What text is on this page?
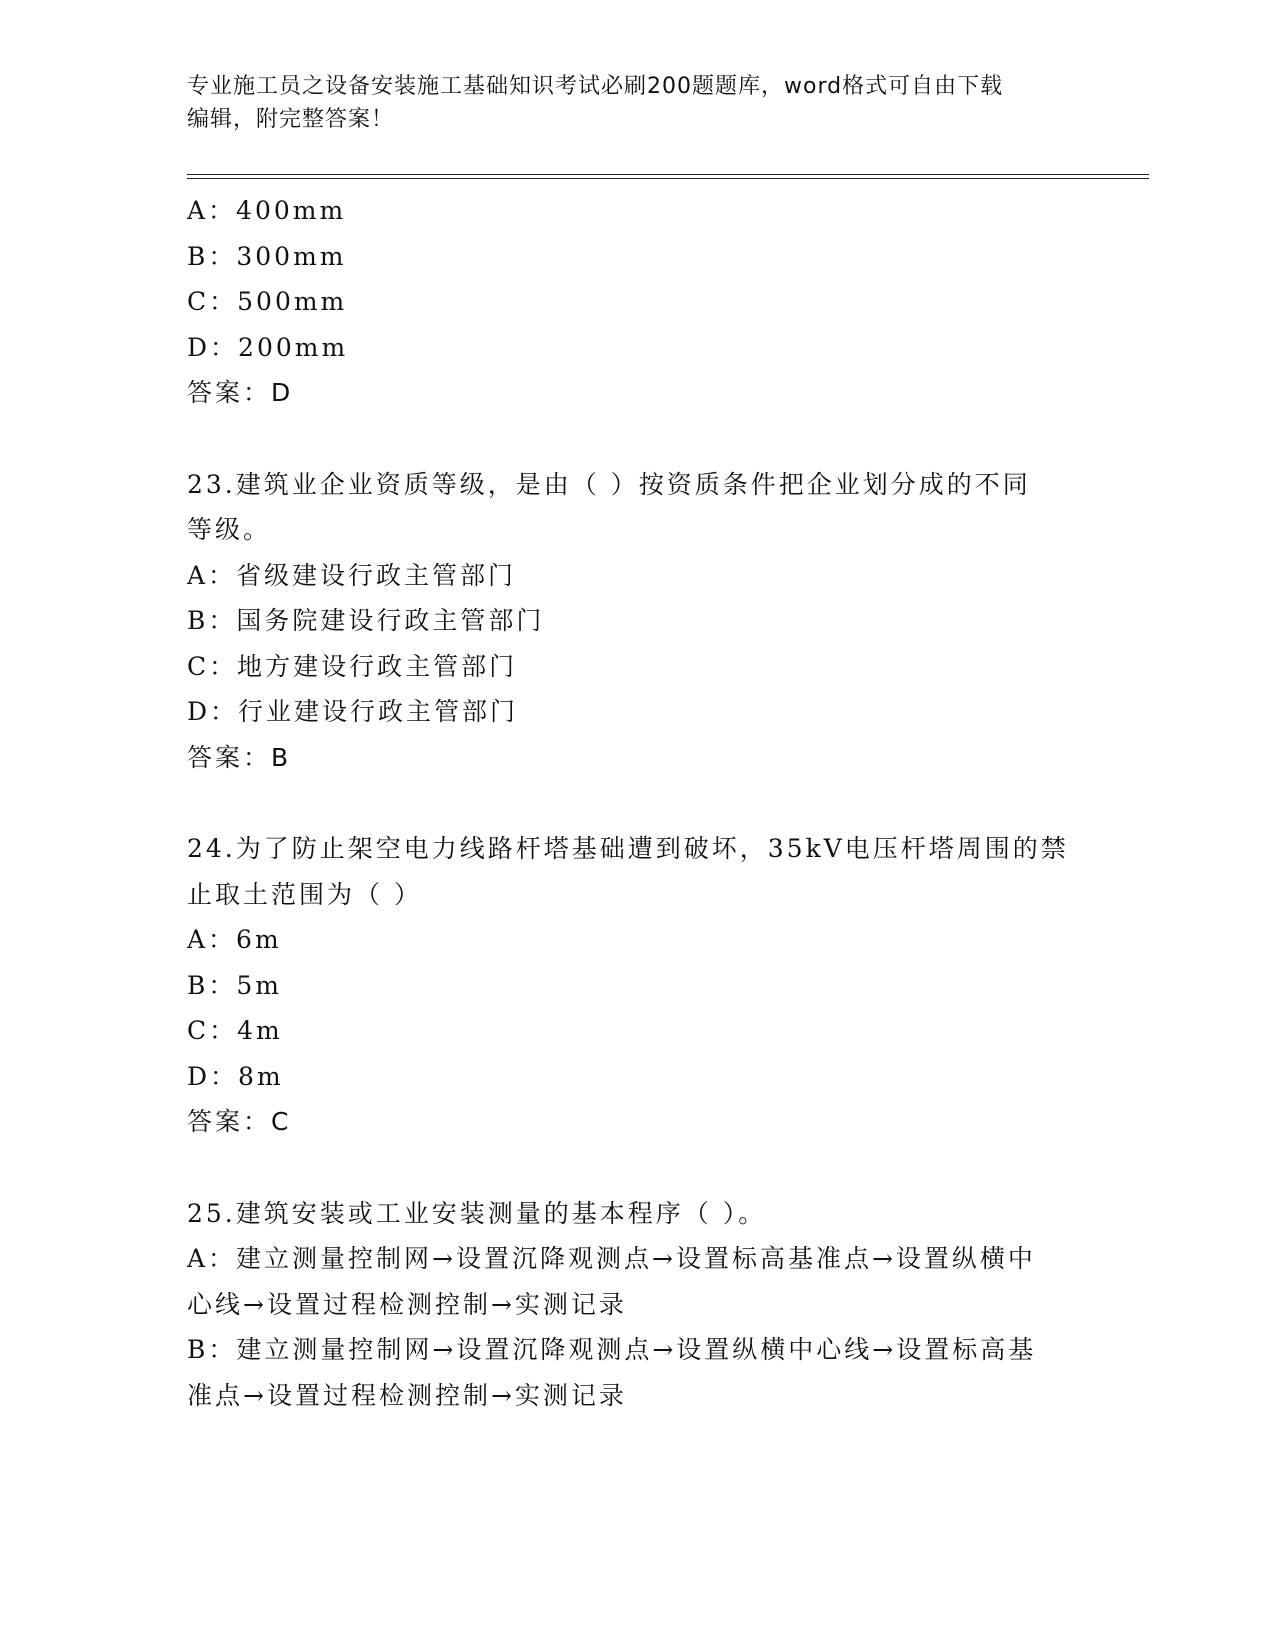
专业施工员之设备安装施工基础知识考试必刷200题题库，word格式可自由下载
编辑，附完整答案！
A：400mm
B：300mm
C：500mm
D：200mm
答案：D
23.建筑业企业资质等级，是由（ ）按资质条件把企业划分成的不同
等级。
A：省级建设行政主管部门
B：国务院建设行政主管部门
C：地方建设行政主管部门
D：行业建设行政主管部门
答案：B
24.为了防止架空电力线路杆塔基础遭到破坏，35kV电压杆塔周围的禁
止取土范围为（ ）
A：6m
B：5m
C：4m
D：8m
答案：C
25.建筑安装或工业安装测量的基本程序（ ）。
A：建立测量控制网→设置沉降观测点→设置标高基准点→设置纵横中
心线→设置过程检测控制→实测记录
B：建立测量控制网→设置沉降观测点→设置纵横中心线→设置标高基
准点→设置过程检测控制→实测记录
